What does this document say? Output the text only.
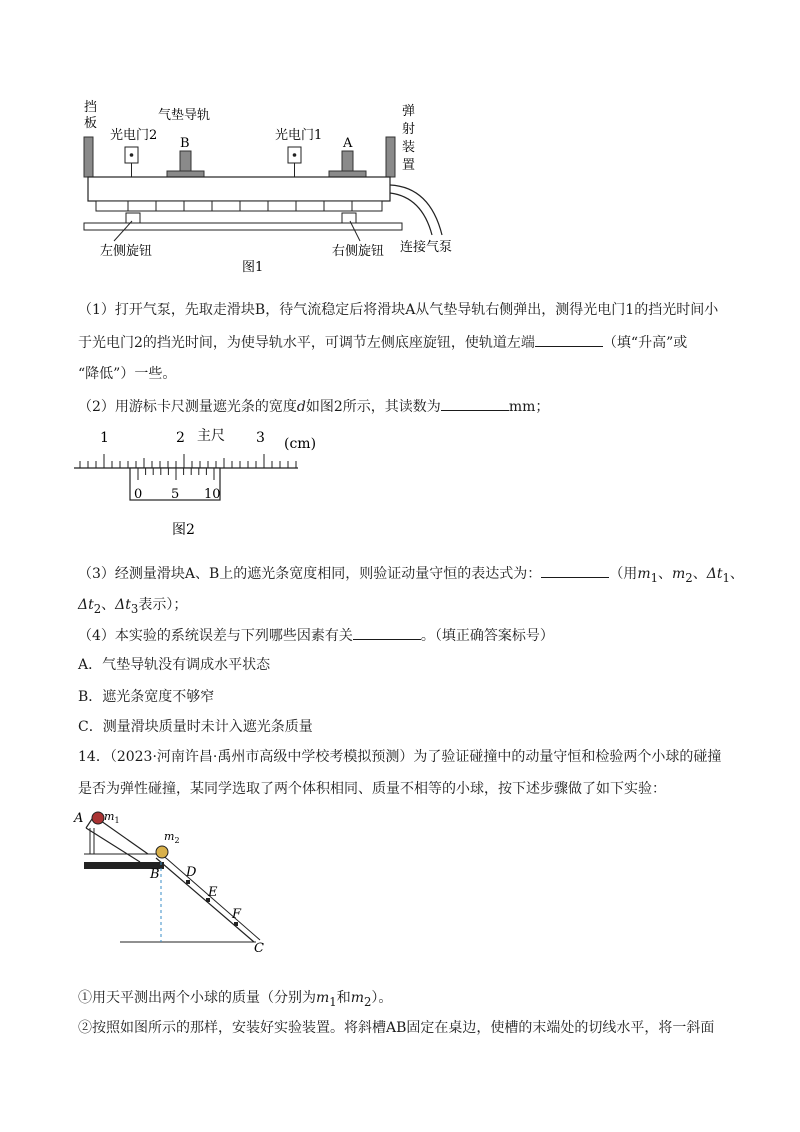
挡
板
气垫导轨
光电门2	光电门1
B	A
弹
射
装
置
左侧旋钮	右侧旋钮
图1
连接气泵
（1）打开气泵，先取走滑块B，待气流稳定后将滑块A从气垫导轨右侧弹出，测得光电门1的挡光时间小
于光电门2的挡光时间，为使导轨水平，可调节左侧底座旋钮，使轨道左端	（填“升高”或
“降低”）一些。
（2）用游标卡尺测量遮光条的宽度d如图2所示，其读数为	mm；
1	2 主尺 3 (cm)
0 5 10
图2
（3）经测量滑块A、B上的遮光条宽度相同，则验证动量守恒的表达式为：	（用$m_1$、$m_2$、$\Delta t_1$、
$\Delta t_2$、$\Delta t_3$表示）；
（4）本实验的系统误差与下列哪些因素有关	。（填正确答案标号）
A．气垫导轨没有调成水平状态
B．遮光条宽度不够窄
C．测量滑块质量时未计入遮光条质量
14．（2023·河南许昌·禹州市高级中学校考模拟预测）为了验证碰撞中的动量守恒和检验两个小球的碰撞
是否为弹性碰撞，某同学选取了两个体积相同、质量不相等的小球，按下述步骤做了如下实验：
A $m_1$
$m_2$
B D
E
F
C
①用天平测出两个小球的质量（分别为$m_1$和$m_2$）。
②按照如图所示的那样，安装好实验装置。将斜槽AB固定在桌边，使槽的末端处的切线水平，将一斜面
